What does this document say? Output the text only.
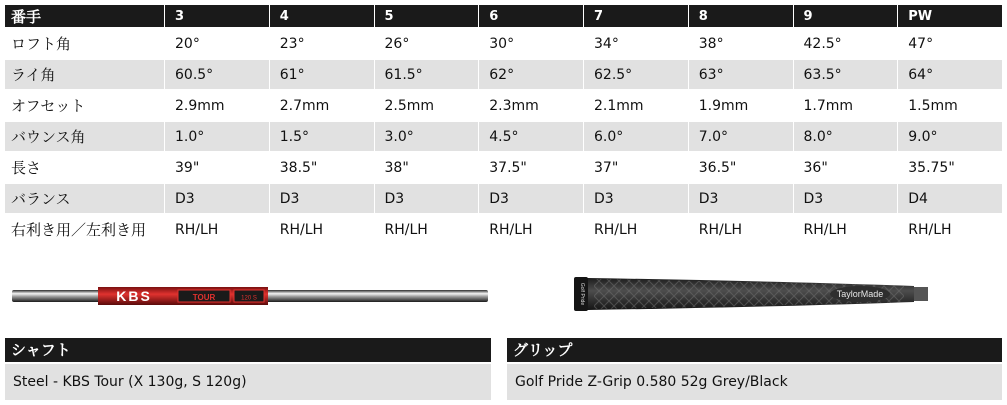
番手	3	4	5	6	7	8	9	PW
ロフト角	20°	23°	26°	30°	34°	38°	42.5°	47°
ライ角	60.5°	61°	61.5°	62°	62.5°	63°	63.5°	64°
オフセット	2.9mm	2.7mm	2.5mm	2.3mm	2.1mm	1.9mm	1.7mm	1.5mm
バウンス角	1.0°	1.5°	3.0°	4.5°	6.0°	7.0°	8.0°	9.0°
長さ	39"	38.5"	38"	37.5"	37"	36.5"	36"	35.75"
バランス	D3	D3	D3	D3	D3	D3	D3	D4
右利き用／左利き用	RH/LH	RH/LH	RH/LH	RH/LH	RH/LH	RH/LH	RH/LH	RH/LH
KBS	TOUR	120 S	Golf Pride	TaylorMade
シャフト
Steel - KBS Tour (X 130g, S 120g)
グリップ
Golf Pride Z-Grip 0.580 52g Grey/Black
